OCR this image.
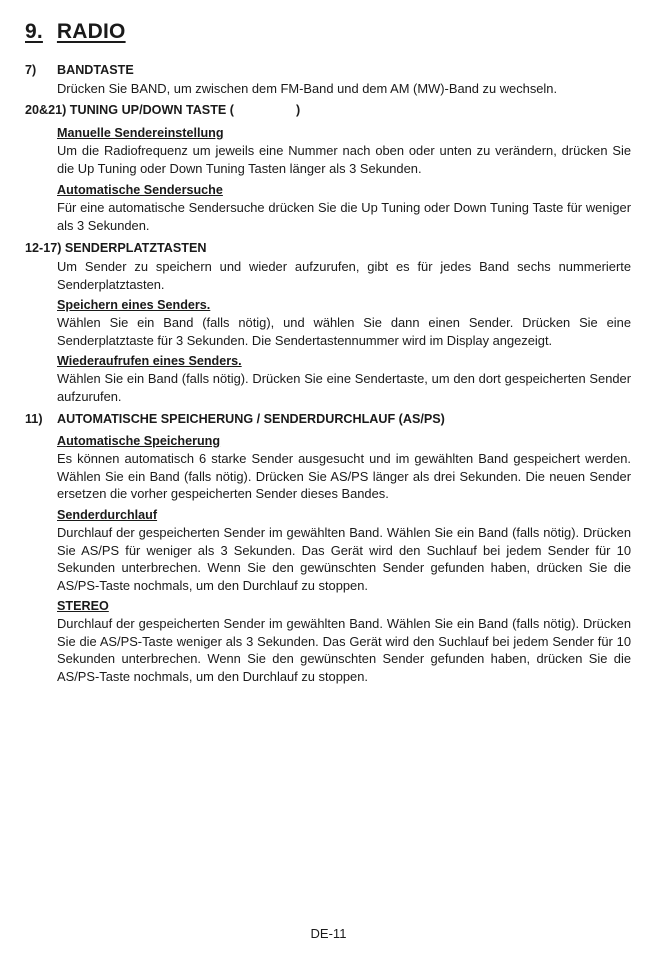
9. RADIO
7) BANDTASTE
Drücken Sie BAND, um zwischen dem FM-Band und dem AM (MW)-Band zu wechseln.
20&21) TUNING UP/DOWN TASTE (	)
Manuelle Sendereinstellung
Um die Radiofrequenz um jeweils eine Nummer nach oben oder unten zu verändern, drücken Sie die Up Tuning oder Down Tuning Tasten länger als 3 Sekunden.
Automatische Sendersuche
Für eine automatische Sendersuche drücken Sie die Up Tuning oder Down Tuning Taste für weniger als 3 Sekunden.
12-17) SENDERPLATZTASTEN
Um Sender zu speichern und wieder aufzurufen, gibt es für jedes Band sechs nummerierte Senderplatztasten.
Speichern eines Senders.
Wählen Sie ein Band (falls nötig), und wählen Sie dann einen Sender. Drücken Sie eine Senderplatztaste für 3 Sekunden. Die Sendertastennummer wird im Display angezeigt.
Wiederaufrufen eines Senders.
Wählen Sie ein Band (falls nötig). Drücken Sie eine Sendertaste, um den dort gespeicherten Sender aufzurufen.
11) AUTOMATISCHE SPEICHERUNG / SENDERDURCHLAUF (AS/PS)
Automatische Speicherung
Es können automatisch 6 starke Sender ausgesucht und im gewählten Band gespeichert werden. Wählen Sie ein Band (falls nötig). Drücken Sie AS/PS länger als drei Sekunden. Die neuen Sender ersetzen die vorher gespeicherten Sender dieses Bandes.
Senderdurchlauf
Durchlauf der gespeicherten Sender im gewählten Band. Wählen Sie ein Band (falls nötig). Drücken Sie AS/PS für weniger als 3 Sekunden. Das Gerät wird den Suchlauf bei jedem Sender für 10 Sekunden unterbrechen. Wenn Sie den gewünschten Sender gefunden haben, drücken Sie die AS/PS-Taste nochmals, um den Durchlauf zu stoppen.
STEREO
Durchlauf der gespeicherten Sender im gewählten Band. Wählen Sie ein Band (falls nötig). Drücken Sie die AS/PS-Taste weniger als 3 Sekunden. Das Gerät wird den Suchlauf bei jedem Sender für 10 Sekunden unterbrechen. Wenn Sie den gewünschten Sender gefunden haben, drücken Sie die AS/PS-Taste nochmals, um den Durchlauf zu stoppen.
DE-11
